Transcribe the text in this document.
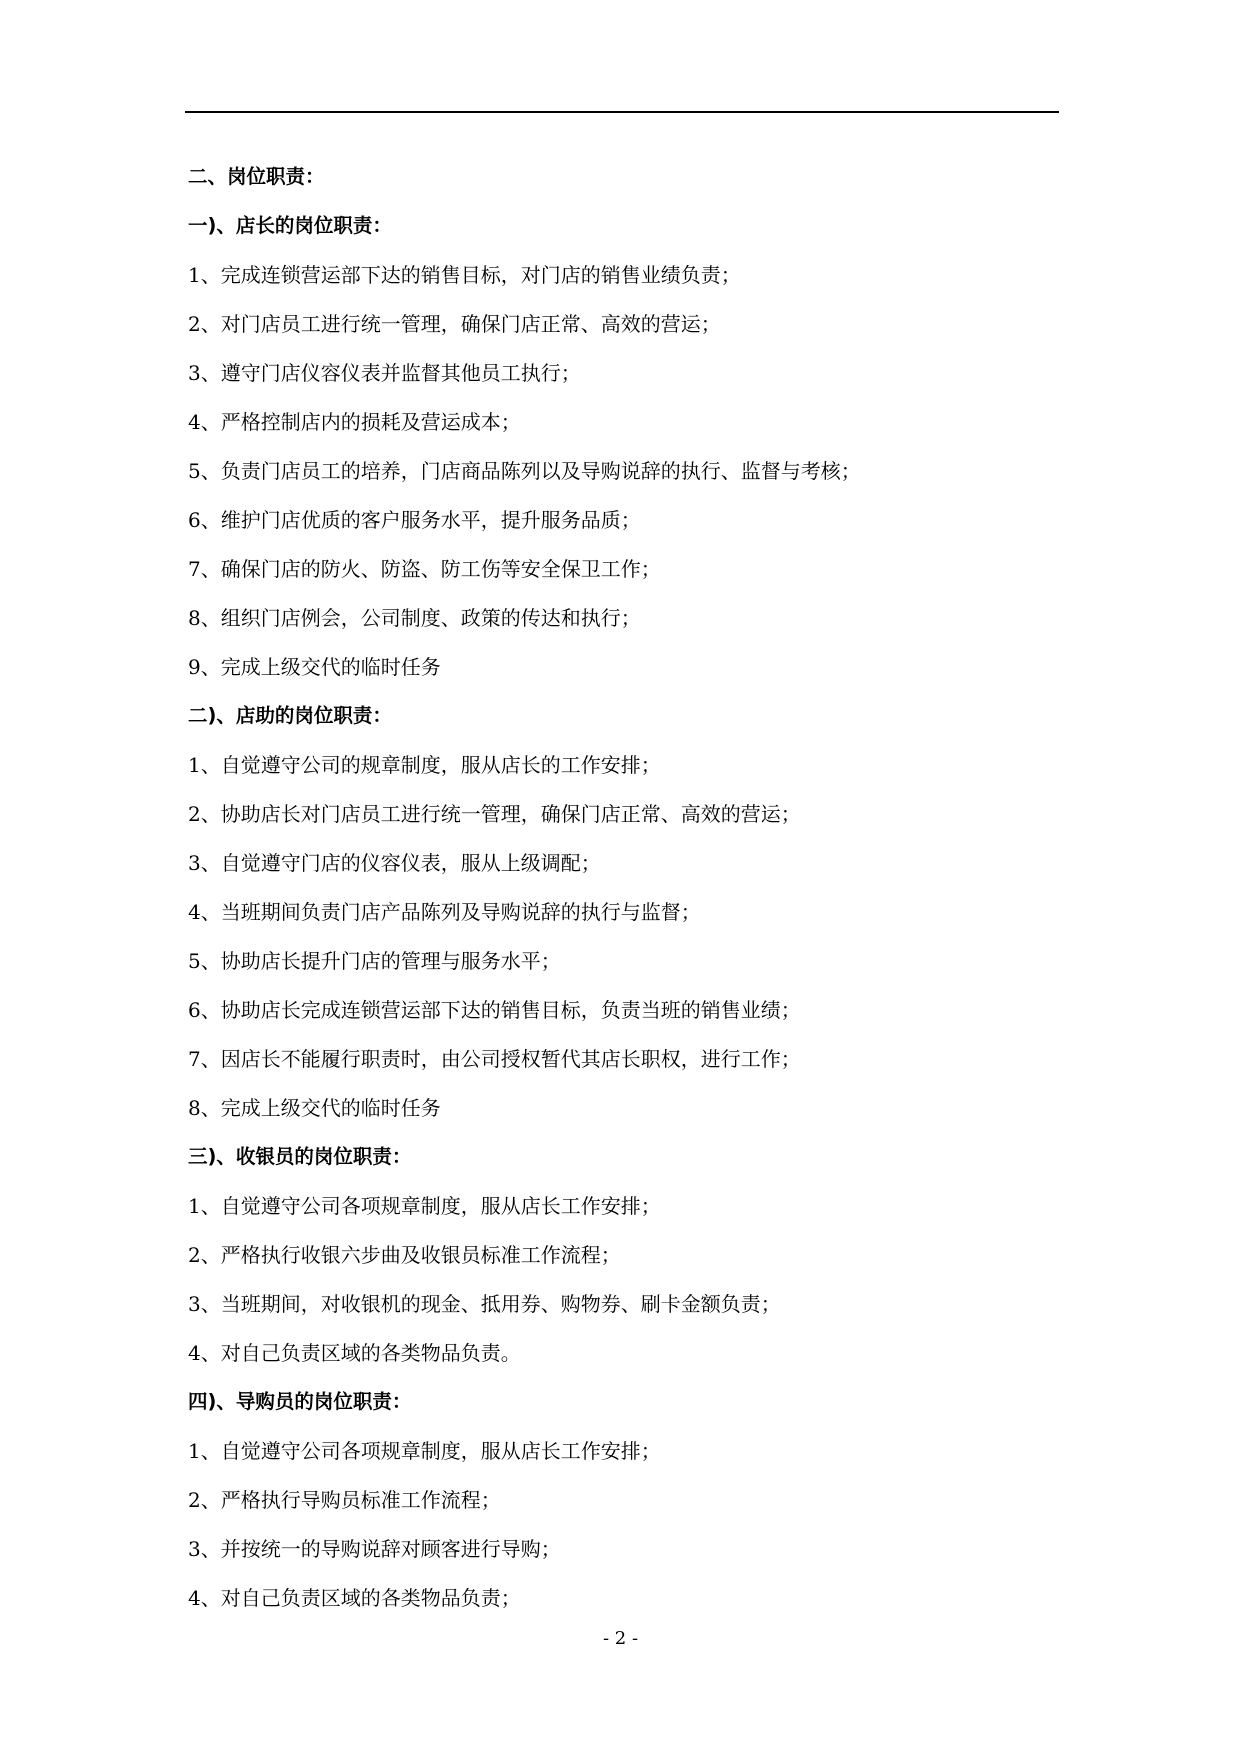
二、岗位职责：
一)、店长的岗位职责：
1、完成连锁营运部下达的销售目标，对门店的销售业绩负责；
2、对门店员工进行统一管理，确保门店正常、高效的营运；
3、遵守门店仪容仪表并监督其他员工执行；
4、严格控制店内的损耗及营运成本；
5、负责门店员工的培养，门店商品陈列以及导购说辞的执行、监督与考核；
6、维护门店优质的客户服务水平，提升服务品质；
7、确保门店的防火、防盗、防工伤等安全保卫工作；
8、组织门店例会，公司制度、政策的传达和执行；
9、完成上级交代的临时任务
二)、店助的岗位职责：
1、自觉遵守公司的规章制度，服从店长的工作安排；
2、协助店长对门店员工进行统一管理，确保门店正常、高效的营运；
3、自觉遵守门店的仪容仪表，服从上级调配；
4、当班期间负责门店产品陈列及导购说辞的执行与监督；
5、协助店长提升门店的管理与服务水平；
6、协助店长完成连锁营运部下达的销售目标，负责当班的销售业绩；
7、因店长不能履行职责时，由公司授权暂代其店长职权，进行工作；
8、完成上级交代的临时任务
三)、收银员的岗位职责：
1、自觉遵守公司各项规章制度，服从店长工作安排；
2、严格执行收银六步曲及收银员标准工作流程；
3、当班期间，对收银机的现金、抵用券、购物券、刷卡金额负责；
4、对自己负责区域的各类物品负责。
四)、导购员的岗位职责：
1、自觉遵守公司各项规章制度，服从店长工作安排；
2、严格执行导购员标准工作流程；
3、并按统一的导购说辞对顾客进行导购；
4、对自己负责区域的各类物品负责；
- 2 -
